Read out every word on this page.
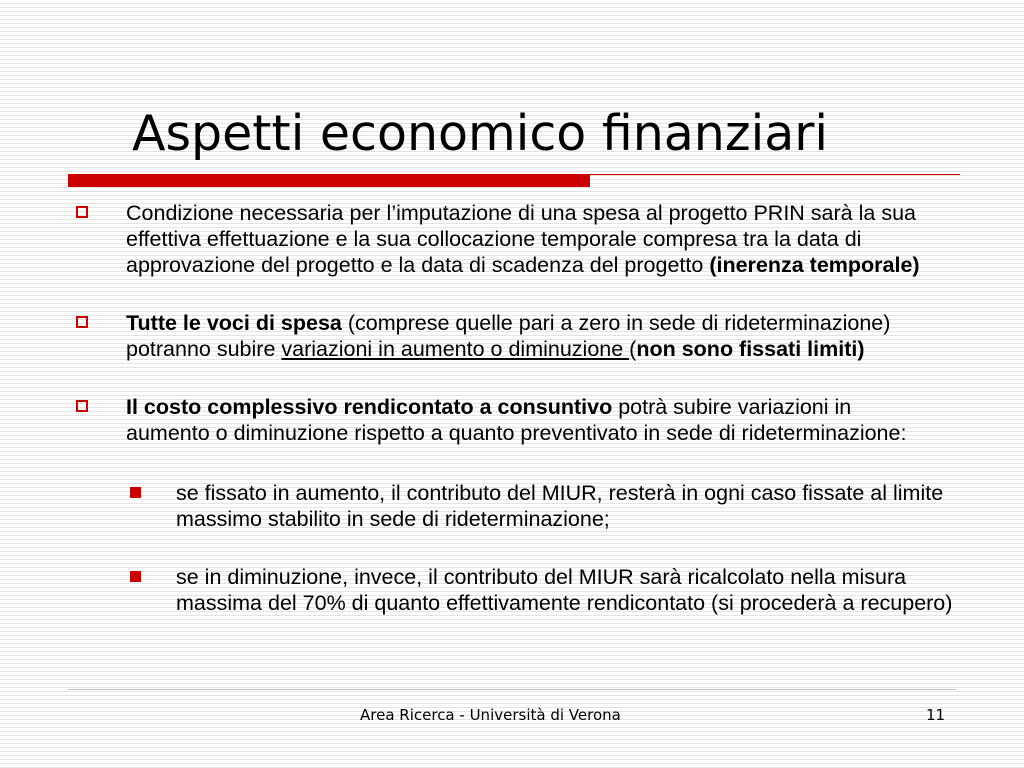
Aspetti economico finanziari
Condizione necessaria per l’imputazione di una spesa al progetto PRIN sarà la sua effettiva effettuazione e la sua collocazione temporale compresa tra la data di approvazione del progetto e la data di scadenza del progetto (inerenza temporale)
Tutte le voci di spesa (comprese quelle pari a zero in sede di rideterminazione) potranno subire variazioni in aumento o diminuzione (non sono fissati limiti)
Il costo complessivo rendicontato a consuntivo potrà subire variazioni in aumento o diminuzione rispetto a quanto preventivato in sede di rideterminazione:
se fissato in aumento, il contributo del MIUR, resterà in ogni caso fissate al limite massimo stabilito in sede di rideterminazione;
se in diminuzione, invece, il contributo del MIUR sarà ricalcolato nella misura massima del 70% di quanto effettivamente rendicontato (si procederà a recupero)
Area Ricerca - Università di Verona	11
